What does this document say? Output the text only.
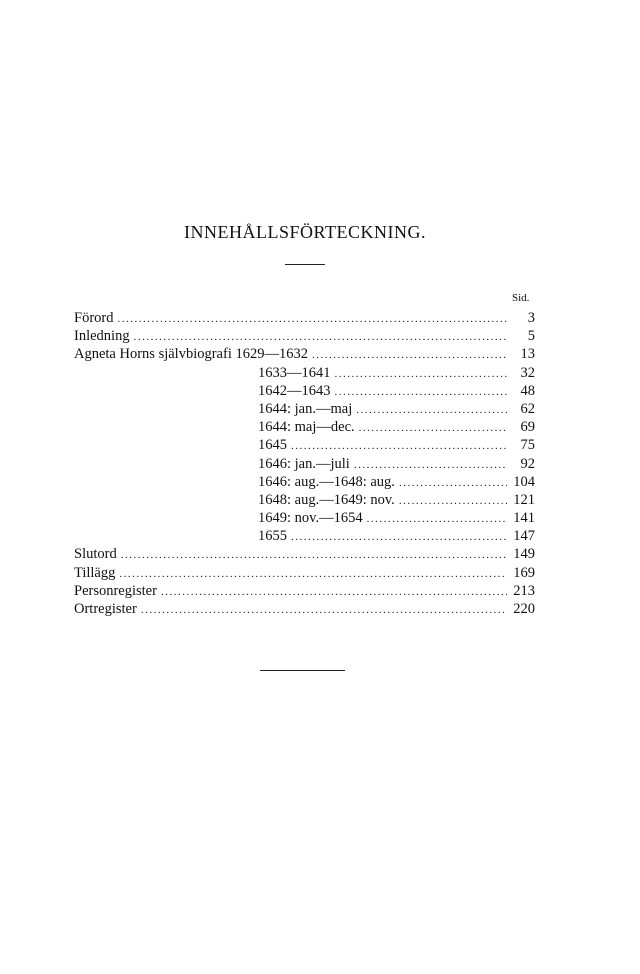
INNEHÅLLSFÖRTECKNING.
Sid.
Förord .....	3
Inledning .....	5
Agneta Horns självbiografi 1629—1632 .....	13
1633—1641 .....	32
1642—1643 .....	48
1644: jan.—maj .....	62
1644: maj—dec. .....	69
1645 .....	75
1646: jan.—juli .....	92
1646: aug.—1648: aug. .....	104
1648: aug.—1649: nov. .....	121
1649: nov.—1654 .....	141
1655 .....	147
Slutord .....	149
Tillägg .....	169
Personregister .....	213
Ortregister .....	220
